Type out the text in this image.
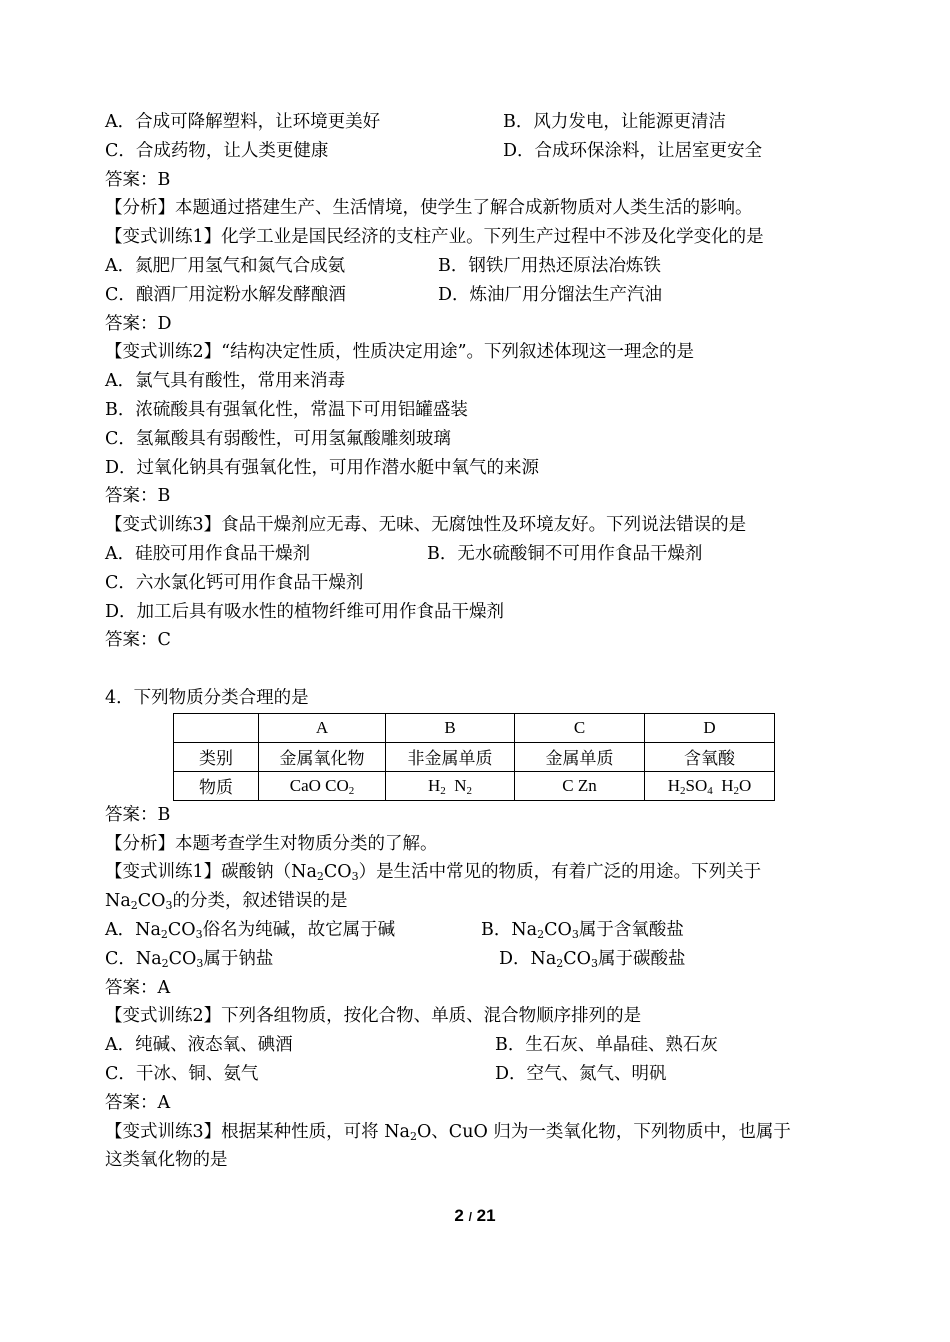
A．合成可降解塑料，让环境更美好	B．风力发电，让能源更清洁
C．合成药物，让人类更健康	D．合成环保涂料，让居室更安全
答案：B
【分析】本题通过搭建生产、生活情境，使学生了解合成新物质对人类生活的影响。
【变式训练1】化学工业是国民经济的支柱产业。下列生产过程中不涉及化学变化的是
A．氮肥厂用氢气和氮气合成氨	B．钢铁厂用热还原法冶炼铁
C．酿酒厂用淀粉水解发酵酿酒	D．炼油厂用分馏法生产汽油
答案：D
【变式训练2】“结构决定性质，性质决定用途”。下列叙述体现这一理念的是
A．氯气具有酸性，常用来消毒
B．浓硫酸具有强氧化性，常温下可用铝罐盛装
C．氢氟酸具有弱酸性，可用氢氟酸雕刻玻璃
D．过氧化钠具有强氧化性，可用作潜水艇中氧气的来源
答案：B
【变式训练3】食品干燥剂应无毒、无味、无腐蚀性及环境友好。下列说法错误的是
A．硅胶可用作食品干燥剂	B．无水硫酸铜不可用作食品干燥剂
C．六水氯化钙可用作食品干燥剂
D．加工后具有吸水性的植物纤维可用作食品干燥剂
答案：C
4．下列物质分类合理的是
	A	B	C	D
类别	金属氧化物	非金属单质	金属单质	含氧酸
物质	CaO $CO_2$	$H_2$  $N_2$	C Zn	$H_2SO_4$  $H_2O$
答案：B
【分析】本题考查学生对物质分类的了解。
【变式训练1】碳酸钠$(Na_2CO_3)$是生活中常见的物质，有着广泛的用途。下列关于
$Na_2CO_3$的分类，叙述错误的是
A．$Na_2CO_3$俗名为纯碱，故它属于碱	B．$Na_2CO_3$属于含氧酸盐
C．$Na_2CO_3$属于钠盐	D．$Na_2CO_3$属于碳酸盐
答案：A
【变式训练2】下列各组物质，按化合物、单质、混合物顺序排列的是
A．纯碱、液态氧、碘酒	B．生石灰、单晶硅、熟石灰
C．干冰、铜、氨气	D．空气、氮气、明矾
答案：A
【变式训练3】根据某种性质，可将 $Na_2O$、CuO 归为一类氧化物，下列物质中，也属于
这类氧化物的是
2 / 21
